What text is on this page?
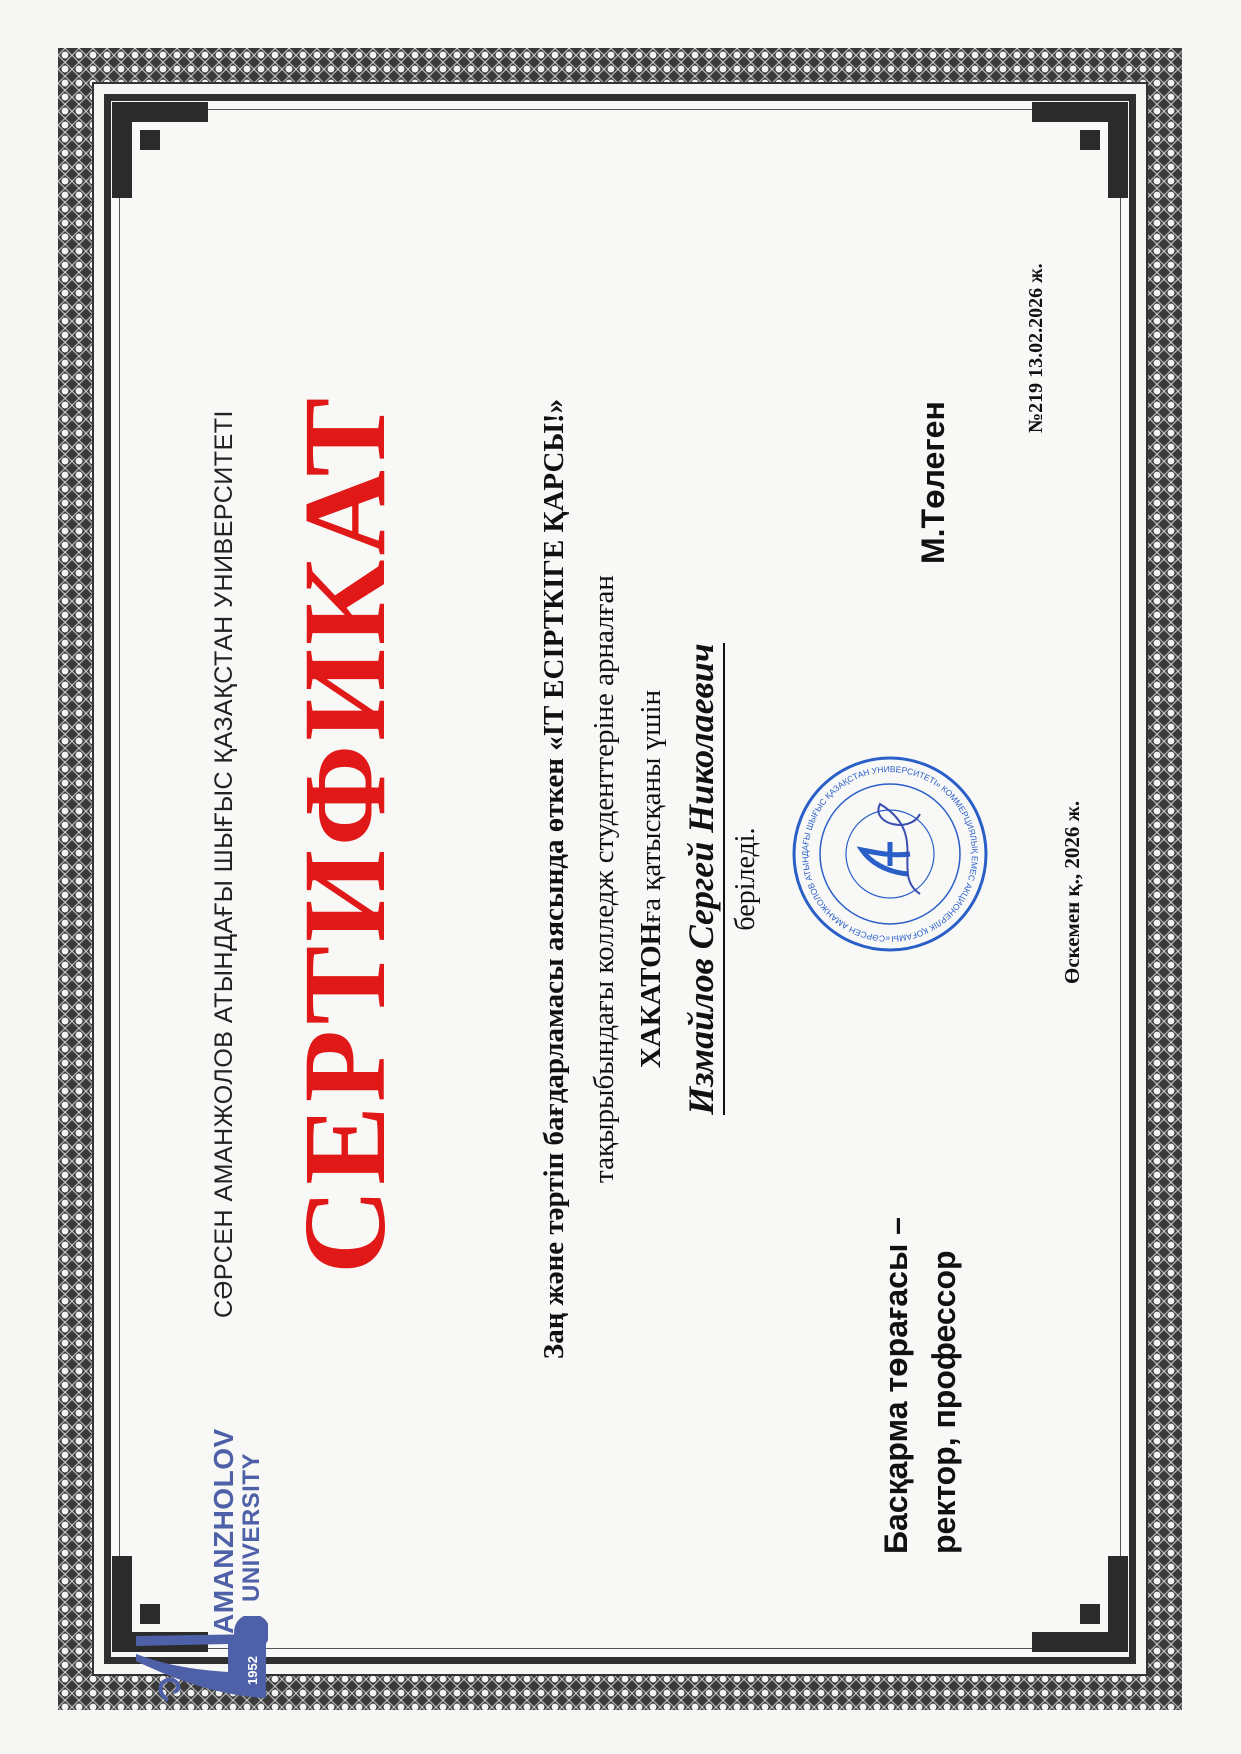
1952
AMANZHOLOV UNIVERSITY
СӘРСЕН АМАНЖОЛОВ АТЫНДАҒЫ ШЫҒЫС ҚАЗАҚСТАН УНИВЕРСИТЕТІ СЕРТИФИКАТ	Заң және тәртіп бағдарламасы аясында өткен «IT ЕСІРТКІГЕ ҚАРСЫ!» тақырыбындағы колледж студенттеріне арналған ХАКАТОНға қатысқаны үшін Измайлов Сергей Николаевич беріледі.
Басқарма төрағасы – ректор, профессор
«СӘРСЕН АМАНЖОЛОВ АТЫНДАҒЫ ШЫҒЫС ҚАЗАҚСТАН УНИВЕРСИТЕТІ» КОММЕРЦИЯЛЫҚ ЕМЕС АКЦИОНЕРЛІК ҚОҒАМЫ
М.Төлеген
№219 13.02.2026 ж.
Өскемен қ., 2026 ж.
